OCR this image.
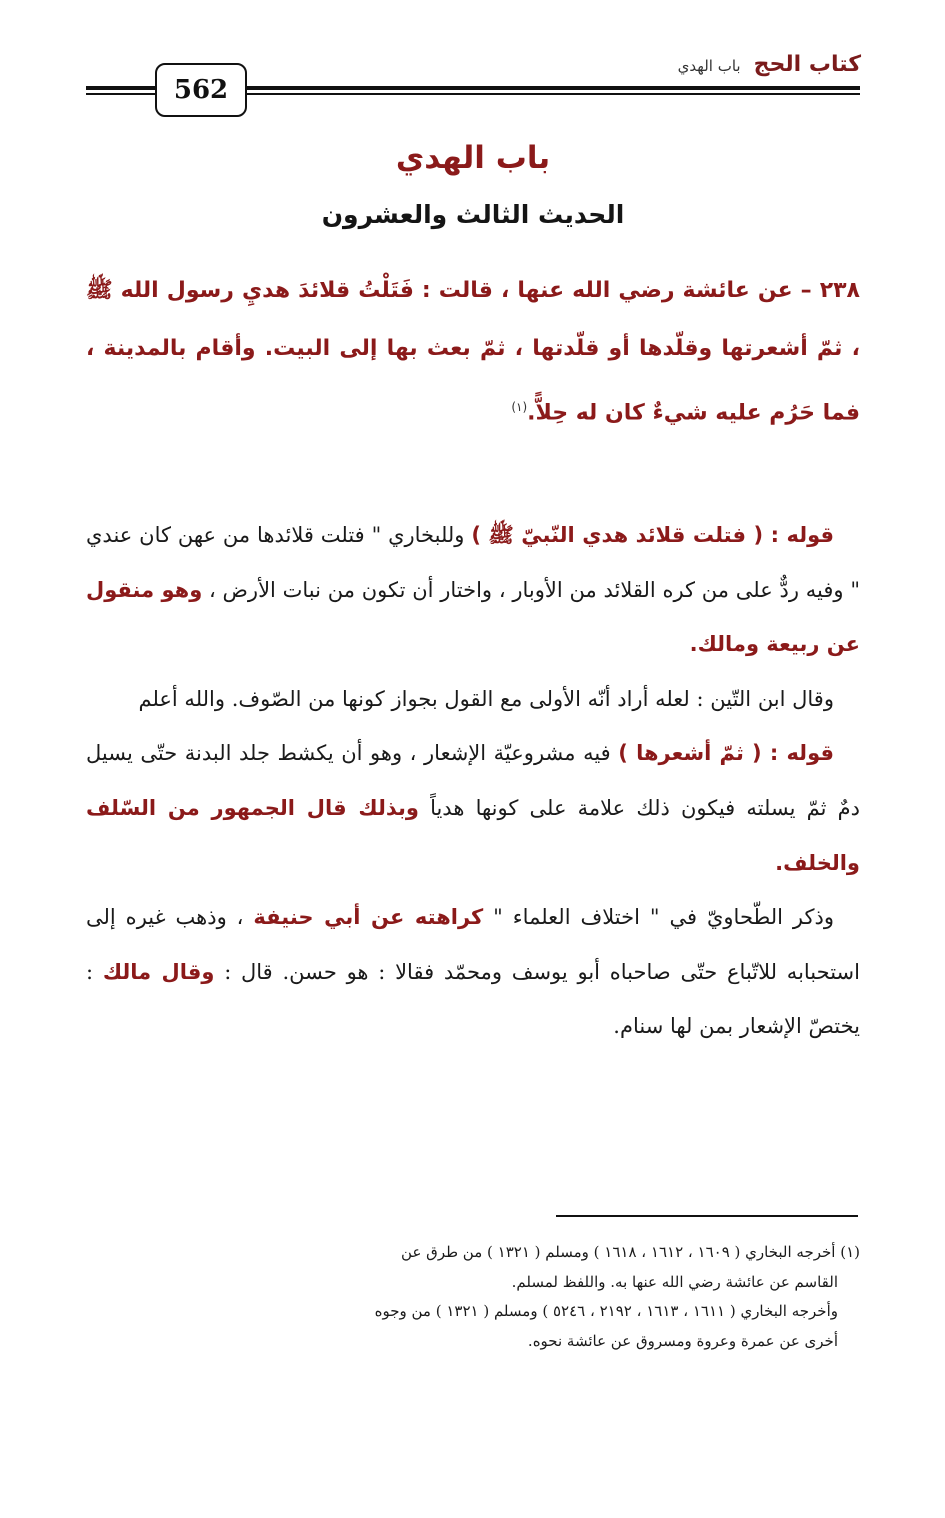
كتاب الحج باب الهدي
562
باب الهدي
الحديث الثالث والعشرون
٢٣٨ – عن عائشة رضي الله عنها ، قالت : فَتَلْتُ قلائدَ هديِ رسول الله ﷺ ، ثمّ أشعرتها وقلّدها أو قلّدتها ، ثمّ بعث بها إلى البيت. وأقام بالمدينة ، فما حَرُم عليه شيءٌ كان له حِلاًّ.$^{(١)}$

قوله : ( فتلت قلائد هدي النّبيّ ﷺ ) وللبخاري " فتلت قلائدها من عهن كان عندي " وفيه ردٌّ على من كره القلائد من الأوبار ، واختار أن تكون من نبات الأرض ، وهو منقول عن ربيعة ومالك.

وقال ابن التّين : لعله أراد أنّه الأولى مع القول بجواز كونها من الصّوف. والله أعلم

قوله : ( ثمّ أشعرها ) فيه مشروعيّة الإشعار ، وهو أن يكشط جلد البدنة حتّى يسيل دمٌ ثمّ يسلته فيكون ذلك علامة على كونها هدياً وبذلك قال الجمهور من السّلف والخلف.

وذكر الطّحاويّ في " اختلاف العلماء " كراهته عن أبي حنيفة ، وذهب غيره إلى استحبابه للاتّباع حتّى صاحباه أبو يوسف ومحمّد فقالا : هو حسن. قال : وقال مالك : يختصّ الإشعار بمن لها سنام.

(١) أخرجه البخاري ( ١٦٠٩ ، ١٦١٢ ، ١٦١٨ ) ومسلم ( ١٣٢١ ) من طرق عن
القاسم عن عائشة رضي الله عنها به. واللفظ لمسلم.
وأخرجه البخاري ( ١٦١١ ، ١٦١٣ ، ٢١٩٢ ، ٥٢٤٦ ) ومسلم ( ١٣٢١ ) من وجوه
أخرى عن عمرة وعروة ومسروق عن عائشة نحوه.
